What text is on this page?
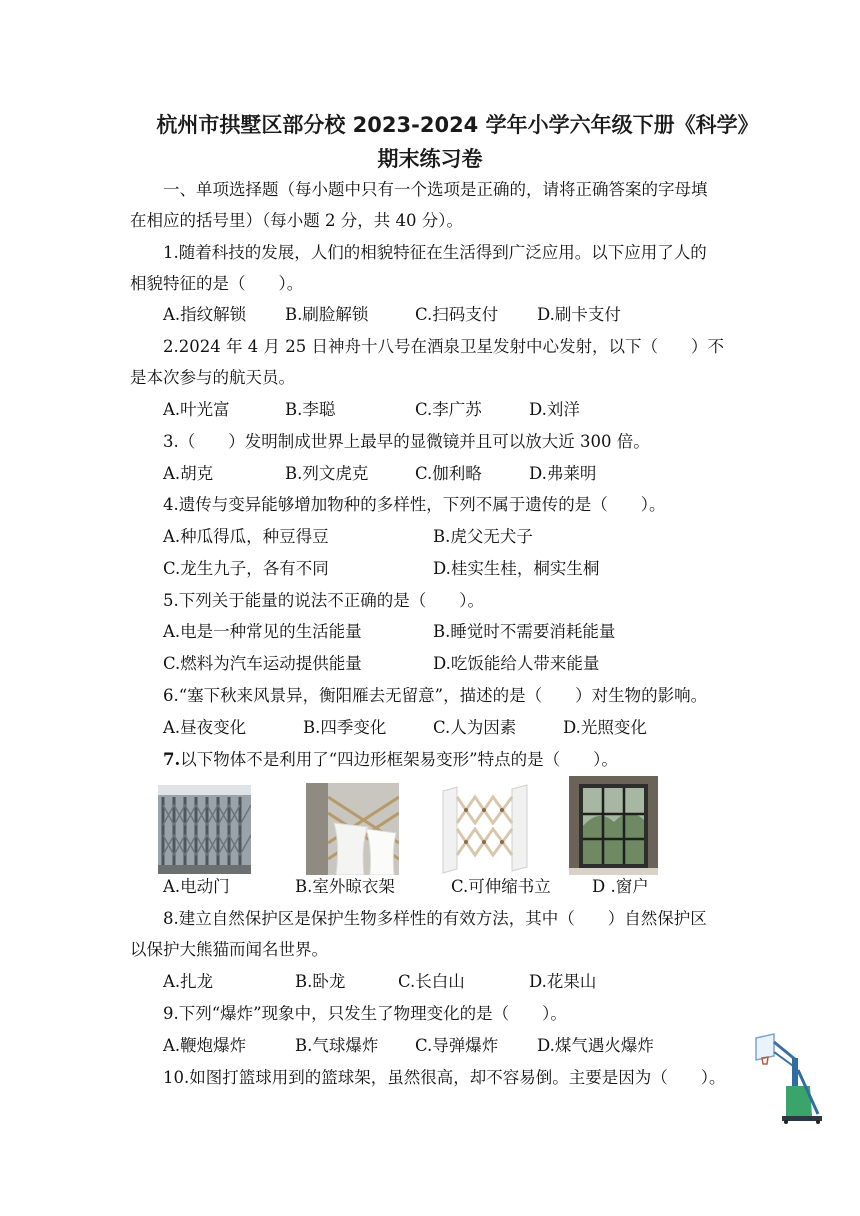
杭州市拱墅区部分校 2023-2024 学年小学六年级下册《科学》
期末练习卷
一、单项选择题（每小题中只有一个选项是正确的，请将正确答案的字母填
在相应的括号里）（每小题 2 分，共 40 分）。
1.随着科技的发展，人们的相貌特征在生活得到广泛应用。以下应用了人的
相貌特征的是（　　）。
A.指纹解锁 B.刷脸解锁	C.扫码支付 D.刷卡支付
2.2024 年 4 月 25 日神舟十八号在酒泉卫星发射中心发射，以下（　　）不
是本次参与的航天员。
A.叶光富	B.李聪	C.李广苏	D.刘洋
3.（　　）发明制成世界上最早的显微镜并且可以放大近 300 倍。
A.胡克	B.列文虎克	C.伽利略	D.弗莱明
4.遗传与变异能够增加物种的多样性，下列不属于遗传的是（　　）。
A.种瓜得瓜，种豆得豆	B.虎父无犬子
C.龙生九子，各有不同	D.桂实生桂，桐实生桐
5.下列关于能量的说法不正确的是（　　）。
A.电是一种常见的生活能量	B.睡觉时不需要消耗能量
C.燃料为汽车运动提供能量	D.吃饭能给人带来能量
6.“塞下秋来风景异，衡阳雁去无留意”，描述的是（　　）对生物的影响。
A.昼夜变化	B.四季变化	C.人为因素	D.光照变化
7.以下物体不是利用了“四边形框架易变形”特点的是（　　）。
A.电动门	B.室外晾衣架	C.可伸缩书立 D .窗户
8.建立自然保护区是保护生物多样性的有效方法，其中（　　）自然保护区
以保护大熊猫而闻名世界。
A.扎龙	B.卧龙	C.长白山	D.花果山
9.下列“爆炸”现象中，只发生了物理变化的是（　　）。
A.鞭炮爆炸	B.气球爆炸 C.导弹爆炸 D.煤气遇火爆炸
10.如图打篮球用到的篮球架，虽然很高，却不容易倒。主要是因为（　　）。
